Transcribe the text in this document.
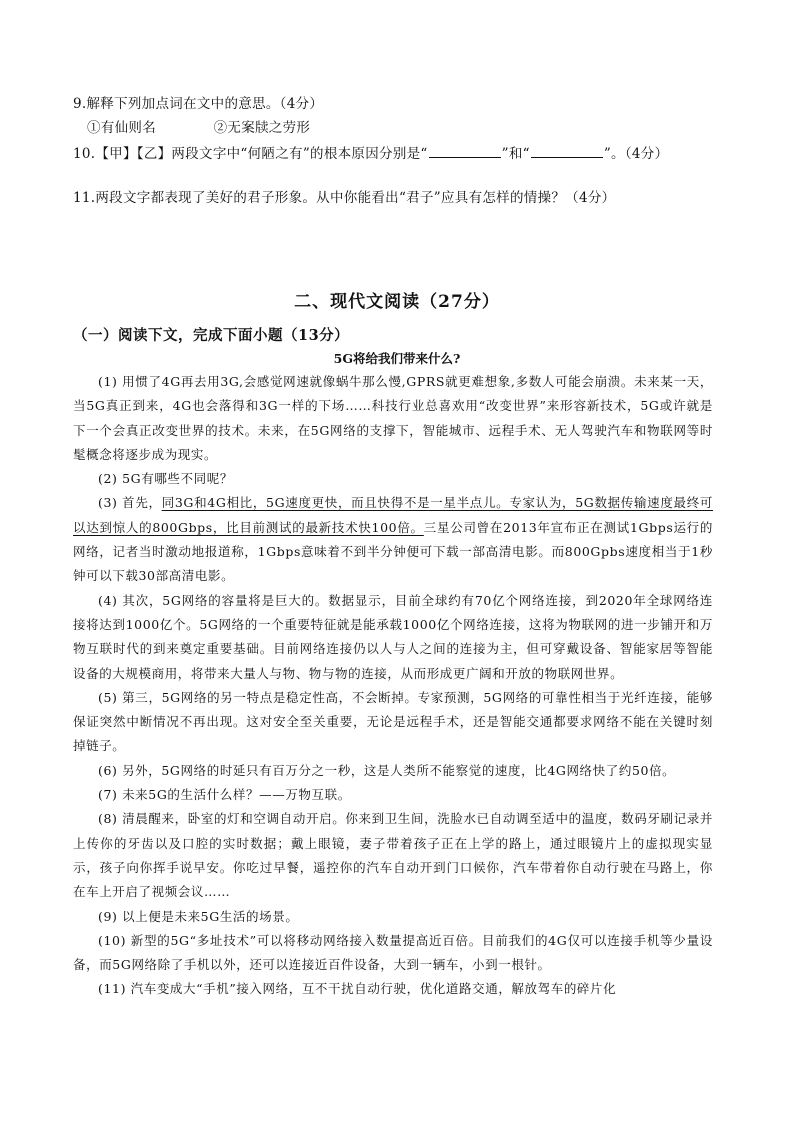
9.解释下列加点词在文中的意思。（4分）
①有仙则名	②无案牍之劳形
10.【甲】【乙】两段文字中“何陋之有”的根本原因分别是“	”和“	”。（4分）
11.两段文字都表现了美好的君子形象。从中你能看出“君子”应具有怎样的情操？（4分）
二、现代文阅读（27分）
（一）阅读下文，完成下面小题（13分）
5G将给我们带来什么?

(1) 用惯了4G再去用3G,会感觉网速就像蜗牛那么慢,GPRS就更难想象,多数人可能会崩溃。未来某一天，当5G真正到来，4G也会落得和3G一样的下场……科技行业总喜欢用“改变世界”来形容新技术，5G或许就是下一个会真正改变世界的技术。未来，在5G网络的支撑下，智能城市、远程手术、无人驾驶汽车和物联网等时髦概念将逐步成为现实。

(2) 5G有哪些不同呢？

(3) 首先，同3G和4G相比，5G速度更快，而且快得不是一星半点儿。专家认为，5G数据传输速度最终可以达到惊人的800Gbps，比目前测试的最新技术快100倍。三星公司曾在2013年宣布正在测试1Gbps运行的网络，记者当时激动地报道称，1Gbps意味着不到半分钟便可下载一部高清电影。而800Gpbs速度相当于1秒钟可以下载30部高清电影。

(4) 其次，5G网络的容量将是巨大的。数据显示，目前全球约有70亿个网络连接，到2020年全球网络连接将达到1000亿个。5G网络的一个重要特征就是能承载1000亿个网络连接，这将为物联网的进一步铺开和万物互联时代的到来奠定重要基础。目前网络连接仍以人与人之间的连接为主，但可穿戴设备、智能家居等智能设备的大规模商用，将带来大量人与物、物与物的连接，从而形成更广阔和开放的物联网世界。

(5) 第三，5G网络的另一特点是稳定性高，不会断掉。专家预测，5G网络的可靠性相当于光纤连接，能够保证突然中断情况不再出现。这对安全至关重要，无论是远程手术，还是智能交通都要求网络不能在关键时刻掉链子。

(6) 另外，5G网络的时延只有百万分之一秒，这是人类所不能察觉的速度，比4G网络快了约50倍。

(7) 未来5G的生活什么样？——万物互联。

(8) 清晨醒来，卧室的灯和空调自动开启。你来到卫生间，洗脸水已自动调至适中的温度，数码牙刷记录并上传你的牙齿以及口腔的实时数据；戴上眼镜，妻子带着孩子正在上学的路上，通过眼镜片上的虚拟现实显示，孩子向你挥手说早安。你吃过早餐，遥控你的汽车自动开到门口候你，汽车带着你自动行驶在马路上，你在车上开启了视频会议……

(9) 以上便是未来5G生活的场景。

(10) 新型的5G“多址技术”可以将移动网络接入数量提高近百倍。目前我们的4G仅可以连接手机等少量设备，而5G网络除了手机以外，还可以连接近百件设备，大到一辆车，小到一根针。

(11) 汽车变成大“手机”接入网络，互不干扰自动行驶，优化道路交通，解放驾车的碎片化
